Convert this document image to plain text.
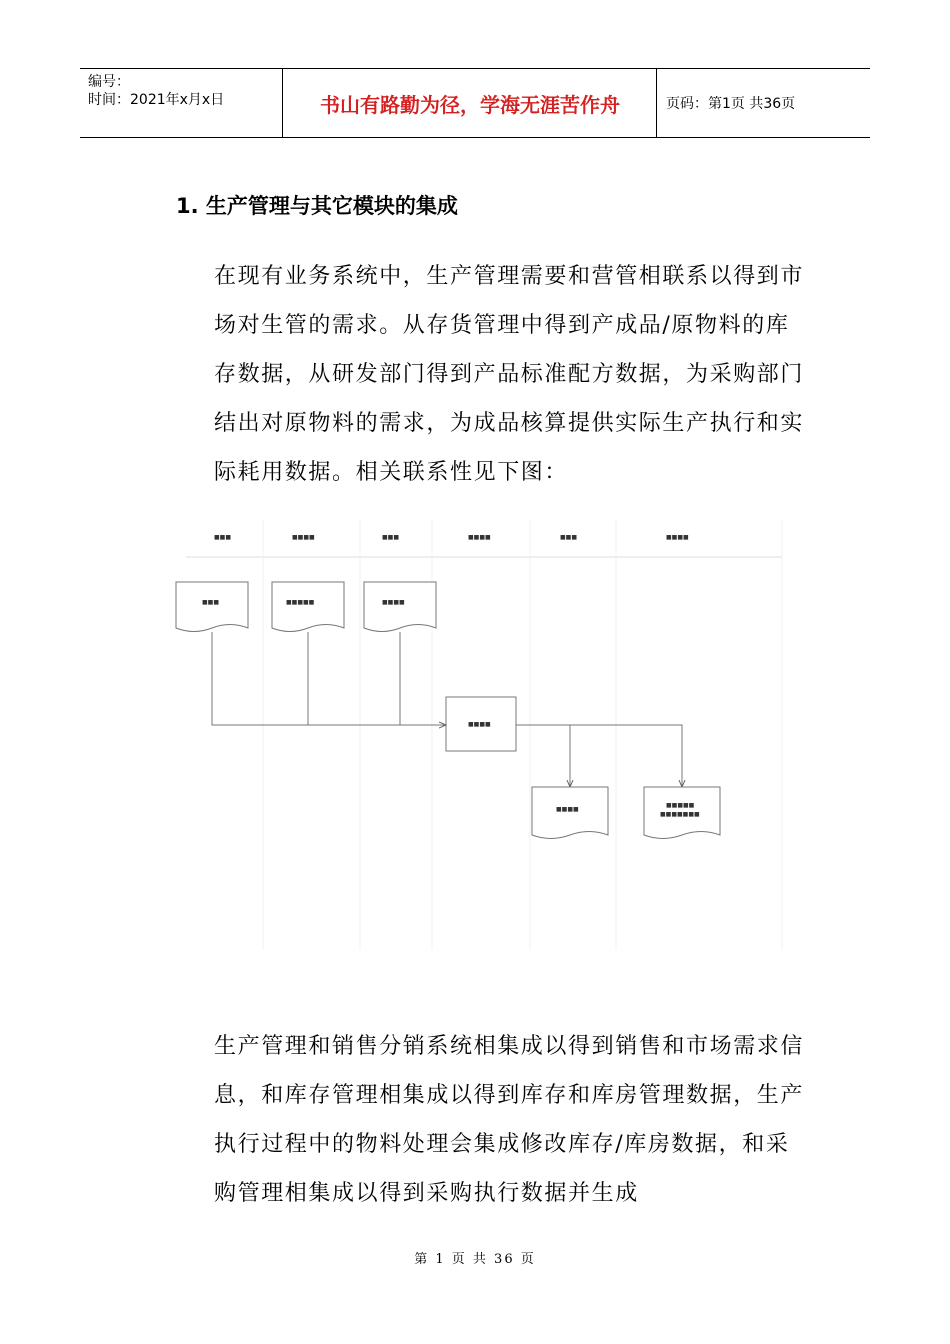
编号：
时间：2021年x月x日	书山有路勤为径，学海无涯苦作舟	页码：第1页 共36页
1. 生产管理与其它模块的集成

在现有业务系统中，生产管理需要和营管相联系以得到市场对生管的需求。从存货管理中得到产成品/原物料的库存数据，从研发部门得到产品标准配方数据，为采购部门结出对原物料的需求，为成品核算提供实际生产执行和实际耗用数据。相关联系性见下图：

■■■	■■■■	■■■	■■■■	■■■	■■■■
■■■	■■■■■	■■■■
■■■■
■■■■
■■■■■
■■■■■■■

生产管理和销售分销系统相集成以得到销售和市场需求信息，和库存管理相集成以得到库存和库房管理数据，生产执行过程中的物料处理会集成修改库存/库房数据，和采购管理相集成以得到采购执行数据并生成

第 1 页 共 36 页
